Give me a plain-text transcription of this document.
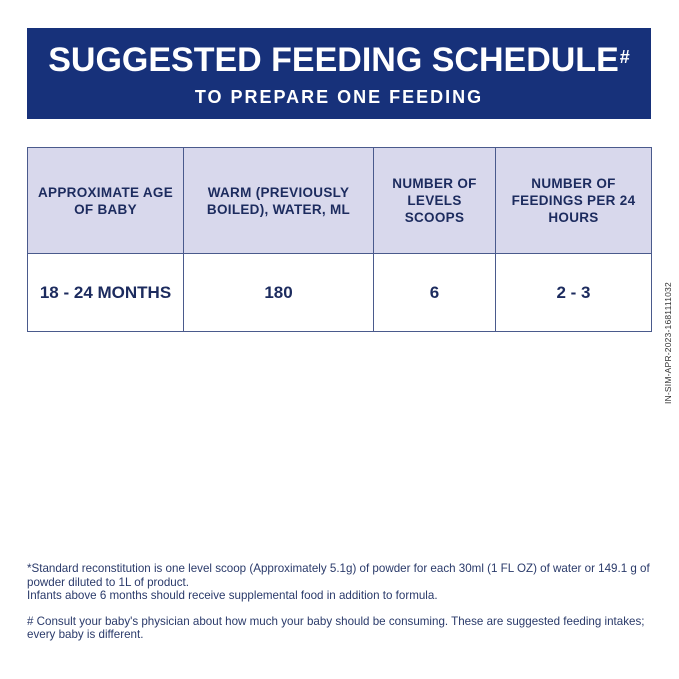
SUGGESTED FEEDING SCHEDULE#
TO PREPARE ONE FEEDING
APPROXIMATE AGE OF BABY	WARM (PREVIOUSLY BOILED), WATER, ML	NUMBER OF LEVELS SCOOPS	NUMBER OF FEEDINGS PER 24 HOURS
18 - 24 MONTHS	180	6	2 - 3	IN-SIM-APR-2023-1681111032

*Standard reconstitution is one level scoop (Approximately 5.1g) of powder for each 30ml (1 FL OZ) of water or 149.1 g of powder diluted to 1L of product.

Infants above 6 months should receive supplemental food in addition to formula.

# Consult your baby's physician about how much your baby should be consuming. These are suggested feeding intakes; every baby is different.
